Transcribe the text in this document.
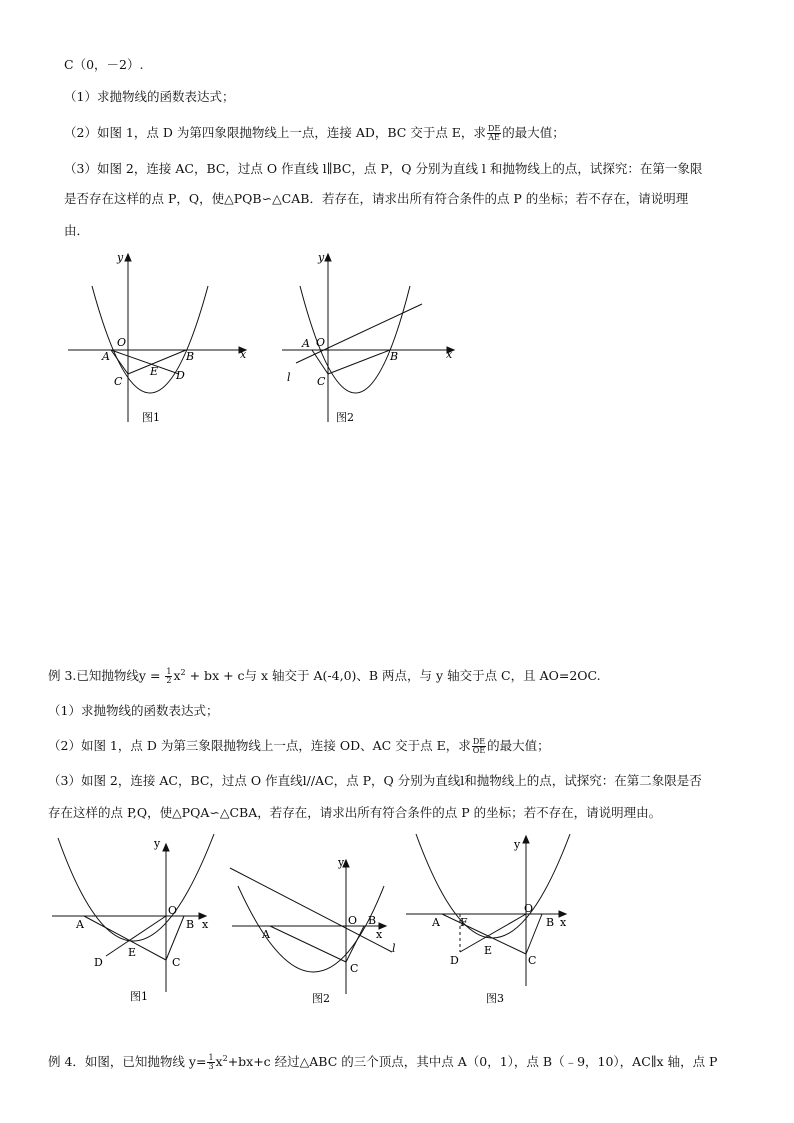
C（0，－2）.
（1）求抛物线的函数表达式；
（2）如图 1，点 D 为第四象限抛物线上一点，连接 AD，BC 交于点 E，求 $\frac{DE}{AE}$ 的最大值；
（3）如图 2，连接 AC，BC，过点 O 作直线 l∥BC，点 P，Q 分别为直线 l 和抛物线上的点，试探究：在第一象限
是否存在这样的点 P，Q，使△PQB∽△CAB．若存在，请求出所有符合条件的点 P 的坐标；若不存在，请说明理
由．
y
x
O
A	B
C
E D
图1
y
x
O
A
B
C
l
图2
例 3.已知抛物线$y = \frac{1}{2} x^2$ + bx + c与 x 轴交于 A(-4,0)、B 两点，与 y 轴交于点 C，且 AO=2OC.
（1）求抛物线的函数表达式；
（2）如图 1，点 D 为第三象限抛物线上一点，连接 OD、AC 交于点 E，求 $\frac{DE}{OE}$ 的最大值；
（3）如图 2，连接 AC，BC，过点 O 作直线l//AC，点 P，Q 分别为直线l和抛物线上的点，试探究：在第二象限是否
存在这样的点 P,Q，使△PQA∽△CBA，若存在，请求出所有符合条件的点 P 的坐标；若不存在，请说明理由。
y
x
O
A	B
C
D
E
图1
y
x
O
A
B
C
l
图2
y
x
O
A F	B
C
D
E
图3
例 4．如图，已知抛物线 $y= \frac{1}{3} x^2+bx+c$ 经过△ABC 的三个顶点，其中点 A（0，1），点 B（﹣9，10），AC∥x 轴，点 P
